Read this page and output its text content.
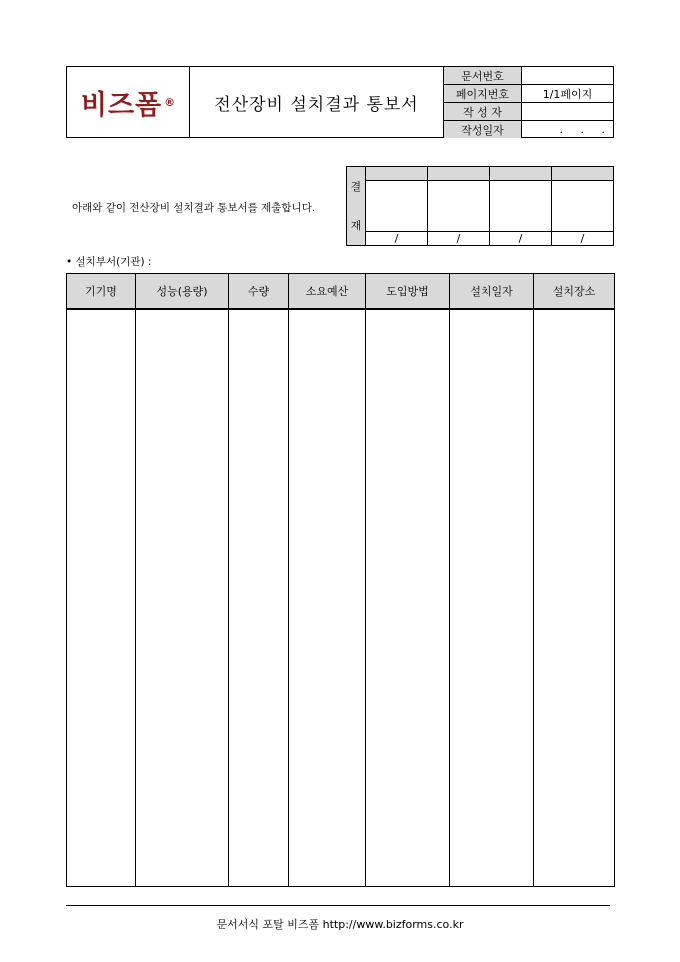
비즈폼 ® 전산장비 설치결과 통보서
문서번호	
페이지번호	1/1페이지
작 성 자	
작성일자	.     .     .
아래와 같이 전산장비 설치결과 통보서를 제출합니다.
결
재
/	/	/	/
• 설치부서(기관) :
기기명	성능(용량)	수량	소요예산	도입방법	설치일자	설치장소

문서서식 포탈 비즈폼 http://www.bizforms.co.kr
